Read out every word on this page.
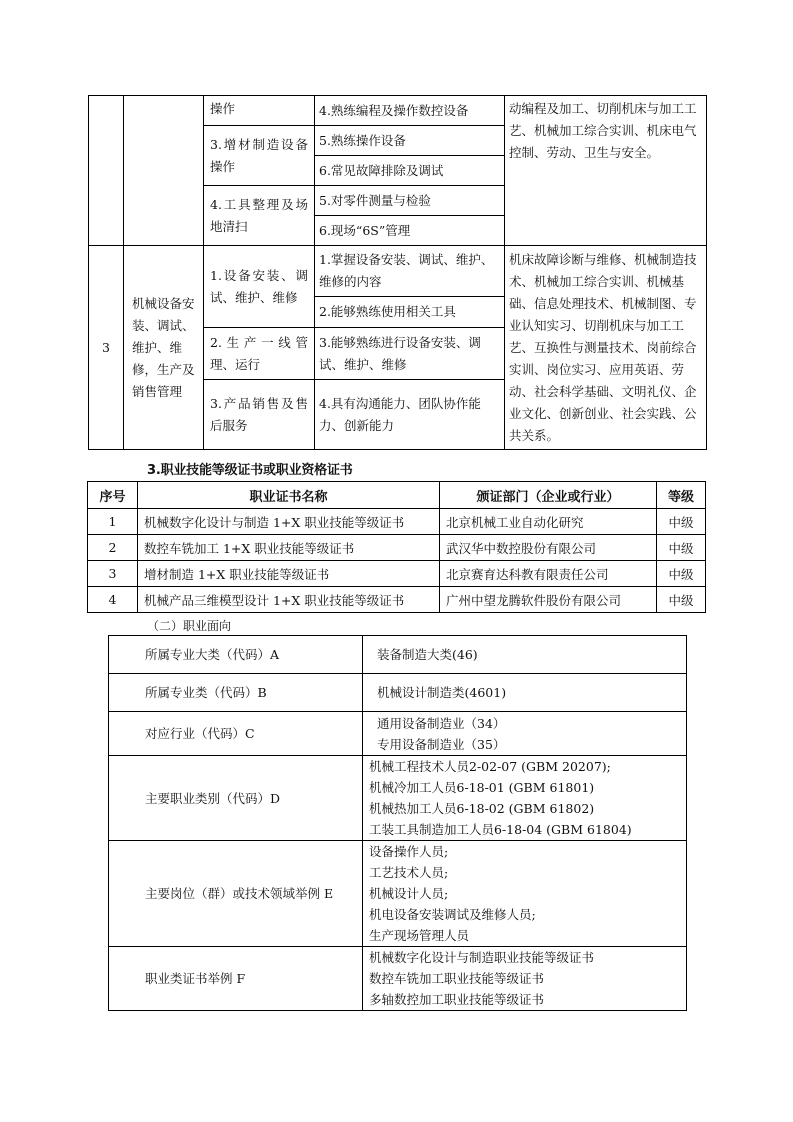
		操作	4.熟练编程及操作数控设备	动编程及加工、切削机床与加工工艺、机械加工综合实训、机床电气控制、劳动、卫生与安全。
		3.增材制造设备操作	5.熟练操作设备	
			6.常见故障排除及调试	
		4.工具整理及场地清扫	5.对零件测量与检验	
			6.现场“6S”管理	

3	机械设备安装、调试、维护、维修，生产及销售管理	1.设备安装、调试、维护、维修	1.掌握设备安装、调试、维护、维修的内容	机床故障诊断与维修、机械制造技术、机械加工综合实训、机械基础、信息处理技术、机械制图、专业认知实习、切削机床与加工工艺、互换性与测量技术、岗前综合实训、岗位实习、应用英语、劳动、社会科学基础、文明礼仪、企业文化、创新创业、社会实践、公共关系。
			2.能够熟练使用相关工具	
		2.生产一线管理、运行	3.能够熟练进行设备安装、调试、维护、维修	
		3.产品销售及售后服务	4.具有沟通能力、团队协作能力、创新能力	
3.职业技能等级证书或职业资格证书
序号	职业证书名称	颁证部门（企业或行业）	等级
1	机械数字化设计与制造 1+X 职业技能等级证书	北京机械工业自动化研究	中级
2	数控车铣加工 1+X 职业技能等级证书	武汉华中数控股份有限公司	中级
3	增材制造 1+X 职业技能等级证书	北京赛育达科教有限责任公司	中级
4	机械产品三维模型设计 1+X 职业技能等级证书	广州中望龙腾软件股份有限公司	中级
（二）职业面向
所属专业大类（代码）A	装备制造大类(46)

所属专业类（代码）B	机械设计制造类(4601)

对应行业（代码）C	通用设备制造业（34）
专用设备制造业（35）

主要职业类别（代码）D	机械工程技术人员2-02-07 (GBM 20207);
机械冷加工人员6-18-01 (GBM 61801)
机械热加工人员6-18-02 (GBM 61802)
工装工具制造加工人员6-18-04 (GBM 61804)

主要岗位（群）或技术领域举例 E	设备操作人员;
工艺技术人员;
机械设计人员;
机电设备安装调试及维修人员;
生产现场管理人员

职业类证书举例 F	机械数字化设计与制造职业技能等级证书
数控车铣加工职业技能等级证书
多轴数控加工职业技能等级证书
